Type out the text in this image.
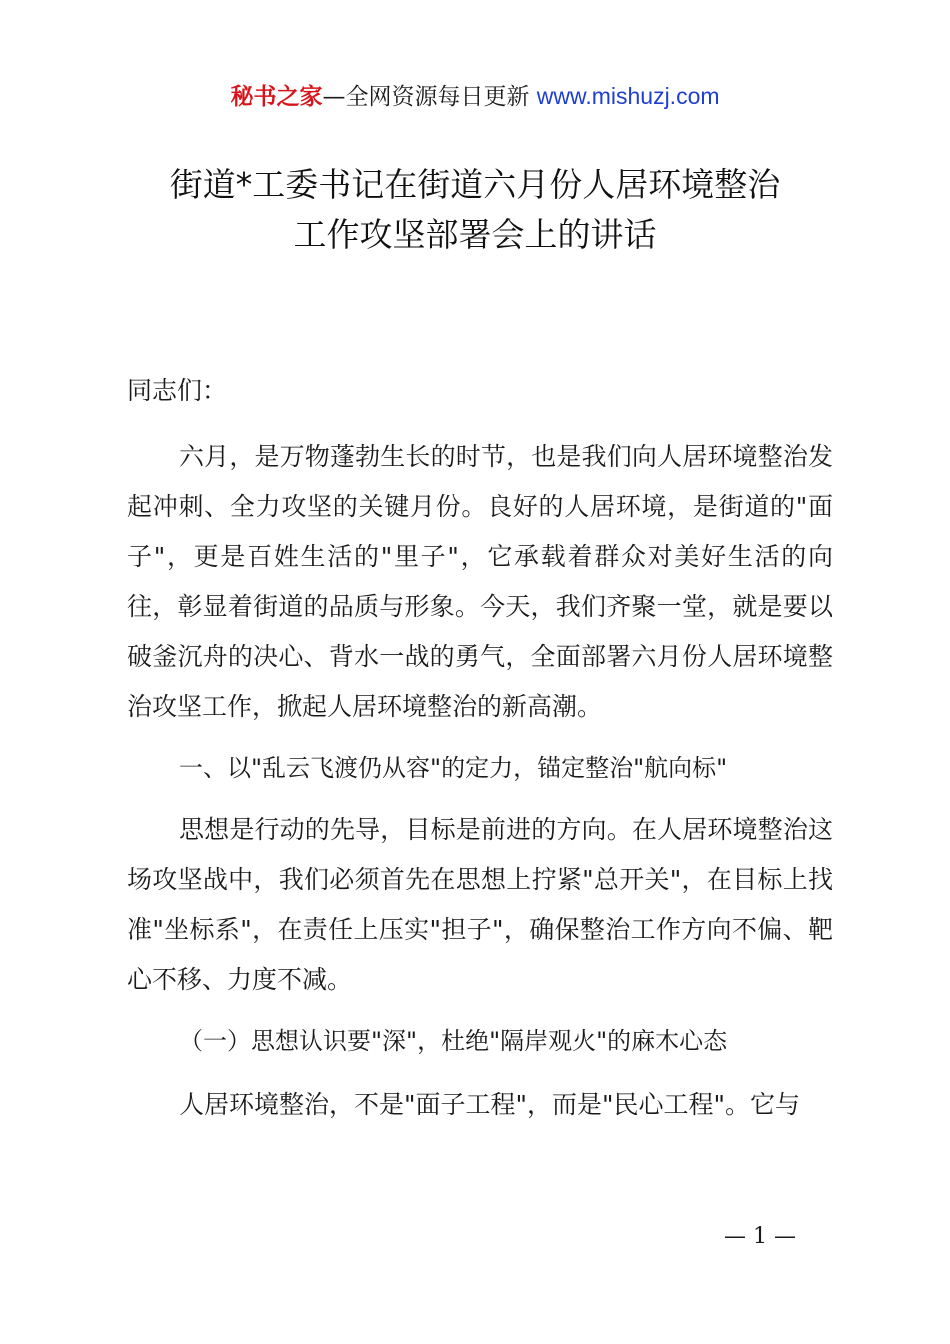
秘书之家—全网资源每日更新 www.mishuzj.com
街道*工委书记在街道六月份人居环境整治
工作攻坚部署会上的讲话

同志们：

六月，是万物蓬勃生长的时节，也是我们向人居环境整治发起冲刺、全力攻坚的关键月份。良好的人居环境，是街道的"面子"，更是百姓生活的"里子"，它承载着群众对美好生活的向往，彰显着街道的品质与形象。今天，我们齐聚一堂，就是要以破釜沉舟的决心、背水一战的勇气，全面部署六月份人居环境整治攻坚工作，掀起人居环境整治的新高潮。

一、以"乱云飞渡仍从容"的定力，锚定整治"航向标"

思想是行动的先导，目标是前进的方向。在人居环境整治这场攻坚战中，我们必须首先在思想上拧紧"总开关"，在目标上找准"坐标系"，在责任上压实"担子"，确保整治工作方向不偏、靶心不移、力度不减。

（一）思想认识要"深"，杜绝"隔岸观火"的麻木心态

人居环境整治，不是"面子工程"，而是"民心工程"。它与

— 1 —
